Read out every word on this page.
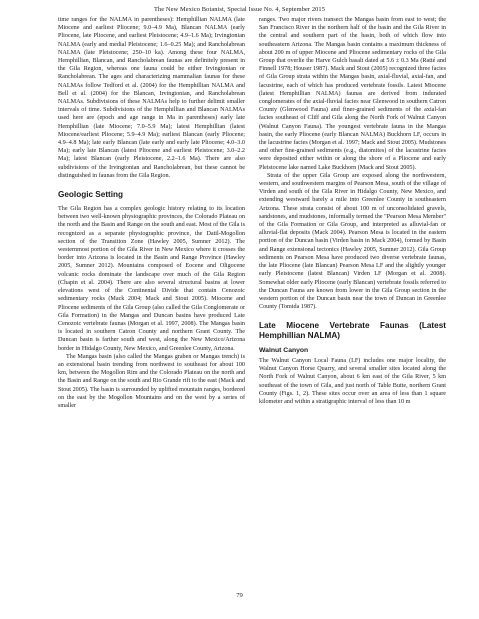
The New Mexico Botanist, Special Issue No. 4, September 2015

time ranges for the NALMA in parentheses): Hemphillian NALMA (late Miocene and earliest Pliocene; 9.0–4.9 Ma), Blancan NALMA (early Pliocene, late Pliocene, and earliest Pleistocene; 4.9–1.6 Ma); Irvingtonian NALMA (early and medial Pleistocene; 1.6–0.25 Ma); and Rancholabrean NALMA (late Pleistocene; 250–10 ka). Among these four NALMA, Hemphillian, Blancan, and Rancholabrean faunas are definitely present in the Gila Region, whereas one fauna could be either Irvingtonian or Rancholabrean. The ages and characterizing mammalian faunas for these NALMAs follow Tedford et al. (2004) for the Hemphillian NALMA and Bell et al. (2004) for the Blancan, Irvingtonian, and Rancholabrean NALMAs. Subdivisions of these NALMAs help to further delimit smaller intervals of time. Subdivisions of the Hemphillian and Blancan NALMAs used here are (epoch and age range in Ma in parentheses) early late Hemphillian (late Miocene; 7.0–5.9 Ma); latest Hemphillian (latest Miocene/earliest Pliocene; 5.9–4.9 Ma); earliest Blancan (early Pliocene; 4.9–4.8 Ma); late early Blancan (late early and early late Pliocene; 4.0–3.0 Ma); early late Blancan (latest Pliocene and earliest Pleistocene; 3.0–2.2 Ma); latest Blancan (early Pleistocene, 2.2–1.6 Ma). There are also subdivisions of the Irvingtonian and Rancholabrean, but these cannot be distinguished in faunas from the Gila Region.

Geologic Setting

The Gila Region has a complex geologic history relating to its location between two well-known physiographic provinces, the Colorado Plateau on the north and the Basin and Range on the south and east. Most of the Gila is recognized as a separate physiographic province, the Datil-Mogollon section of the Transition Zone (Hawley 2005, Sumner 2012). The westernmost portion of the Gila River in New Mexico where it crosses the border into Arizona is located in the Basin and Range Province (Hawley 2005, Sumner 2012). Mountains composed of Eocene and Oligocene volcanic rocks dominate the landscape over much of the Gila Region (Chapin et al. 2004). There are also several structural basins at lower elevations west of the Continental Divide that contain Cenozoic sedimentary rocks (Mack 2004; Mack and Stout 2005). Miocene and Pliocene sediments of the Gila Group (also called the Gila Conglomerate or Gila Formation) in the Mangas and Duncan basins have produced Late Cenozoic vertebrate faunas (Morgan et al. 1997, 2008). The Mangas basin is located in southern Catron County and northern Grant County. The Duncan basin is farther south and west, along the New Mexico/Arizona border in Hidalgo County, New Mexico, and Greenlee County, Arizona.

The Mangas basin (also called the Mangas graben or Mangas trench) is an extensional basin trending from northwest to southeast for about 100 km, between the Mogollon Rim and the Colorado Plateau on the north and the Basin and Range on the south and Rio Grande rift to the east (Mack and Stout 2005). The basin is surrounded by uplifted mountain ranges, bordered on the east by the Mogollon Mountains and on the west by a series of smaller

ranges. Two major rivers transect the Mangas basin from east to west; the San Francisco River in the northern half of the basin and the Gila River in the central and southern part of the basin, both of which flow into southeastern Arizona. The Mangas basin contains a maximum thickness of about 200 m of upper Miocene and Pliocene sedimentary rocks of the Gila Group that overlie the Harve Gulch basalt dated at 5.6 ± 0.3 Ma (Ratté and Finnell 1978; Houser 1987). Mack and Stout (2005) recognized three facies of Gila Group strata within the Mangas basin, axial-fluvial, axial-fan, and lacustrine, each of which has produced vertebrate fossils. Latest Miocene (latest Hemphillian NALMA) faunas are derived from indurated conglomerates of the axial-fluvial facies near Glenwood in southern Catron County (Glenwood Fauna) and finer-grained sediments of the axial-fan facies southeast of Cliff and Gila along the North Fork of Walnut Canyon (Walnut Canyon Fauna). The youngest vertebrate fauna in the Mangas basin, the early Pliocene (early Blancan NALMA) Buckhorn LF, occurs in the lacustrine facies (Morgan et al. 1997; Mack and Stout 2005). Mudstones and other fine-grained sediments (e.g., diatomites) of the lacustrine facies were deposited either within or along the shore of a Pliocene and early Pleistocene lake named Lake Buckhorn (Mack and Stout 2005).

Strata of the upper Gila Group are exposed along the northwestern, western, and southwestern margins of Pearson Mesa, south of the village of Virden and south of the Gila River in Hidalgo County, New Mexico, and extending westward barely a mile into Greenlee County in southeastern Arizona. These strata consist of about 100 m of unconsolidated gravels, sandstones, and mudstones, informally termed the "Pearson Mesa Member" of the Gila Formation or Gila Group, and interpreted as alluvial-fan or alluvial-flat deposits (Mack 2004). Pearson Mesa is located in the eastern portion of the Duncan basin (Virden basin in Mack 2004), formed by Basin and Range extensional tectonics (Hawley 2005, Sumner 2012). Gila Group sediments on Pearson Mesa have produced two diverse vertebrate faunas, the late Pliocene (late Blancan) Pearson Mesa LF and the slightly younger early Pleistocene (latest Blancan) Virden LF (Morgan et al. 2008). Somewhat older early Pliocene (early Blancan) vertebrate fossils referred to the Duncan Fauna are known from lower in the Gila Group section in the western portion of the Duncan basin near the town of Duncan in Greenlee County (Tomida 1987).

Late Miocene Vertebrate Faunas (Latest Hemphillian NALMA)
Walnut Canyon

The Walnut Canyon Local Fauna (LF) includes one major locality, the Walnut Canyon Horse Quarry, and several smaller sites located along the North Fork of Walnut Canyon, about 6 km east of the Gila River, 5 km southeast of the town of Gila, and just north of Table Butte, northern Grant County (Figs. 1, 2). These sites occur over an area of less than 1 square kilometer and within a stratigraphic interval of less than 10 m

79
